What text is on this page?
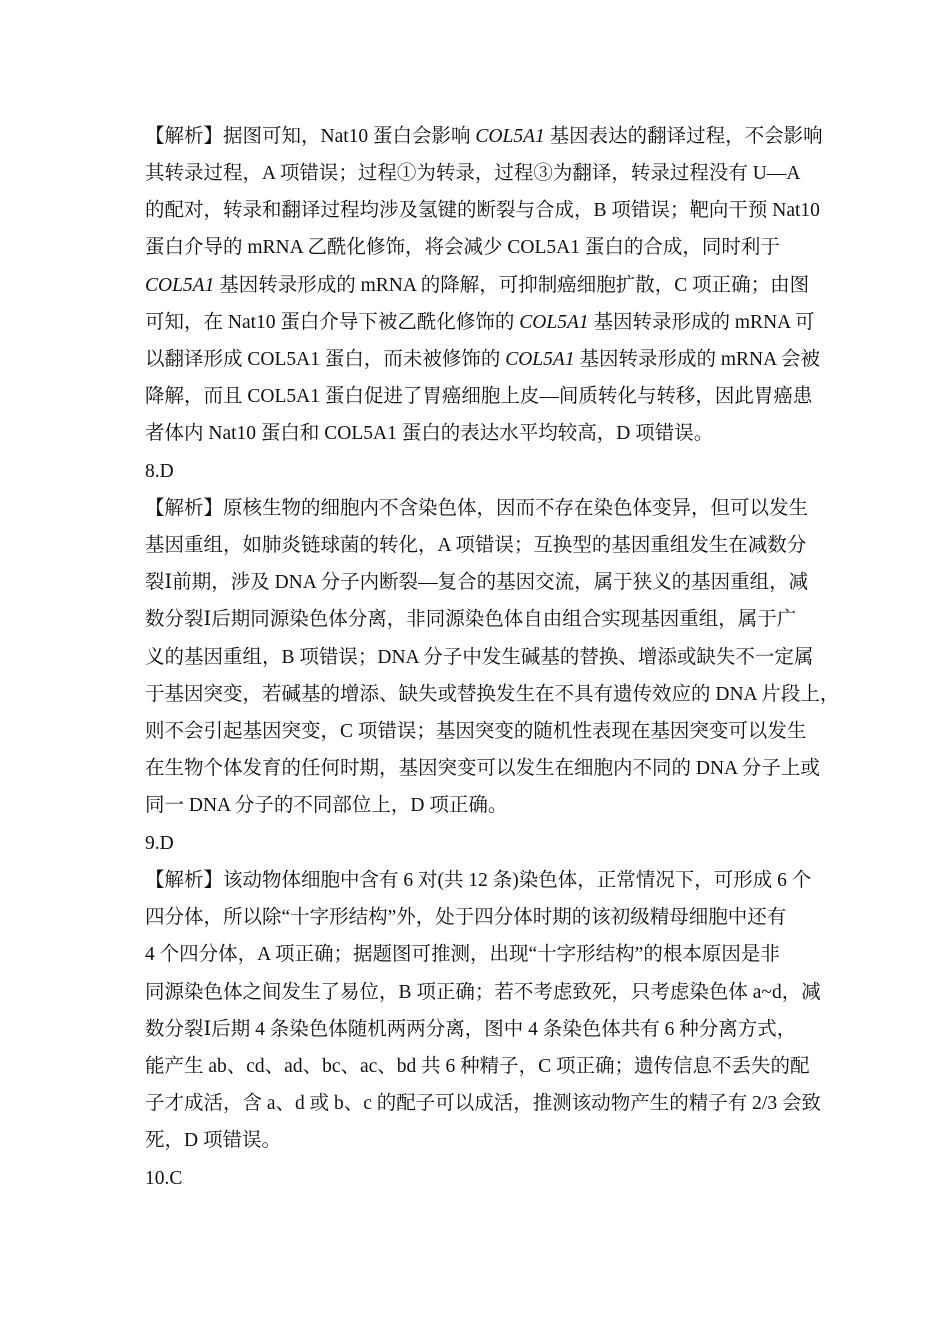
【解析】据图可知，Nat10 蛋白会影响 COL5A1 基因表达的翻译过程，不会影响
其转录过程，A 项错误；过程①为转录，过程③为翻译，转录过程没有 U—A
的配对，转录和翻译过程均涉及氢键的断裂与合成，B 项错误；靶向干预 Nat10
蛋白介导的 mRNA 乙酰化修饰，将会减少 COL5A1 蛋白的合成，同时利于
COL5A1 基因转录形成的 mRNA 的降解，可抑制癌细胞扩散，C 项正确；由图
可知，在 Nat10 蛋白介导下被乙酰化修饰的 COL5A1 基因转录形成的 mRNA 可
以翻译形成 COL5A1 蛋白，而未被修饰的 COL5A1 基因转录形成的 mRNA 会被
降解，而且 COL5A1 蛋白促进了胃癌细胞上皮—间质转化与转移，因此胃癌患
者体内 Nat10 蛋白和 COL5A1 蛋白的表达水平均较高，D 项错误。
8.D
【解析】原核生物的细胞内不含染色体，因而不存在染色体变异，但可以发生
基因重组，如肺炎链球菌的转化，A 项错误；互换型的基因重组发生在减数分
裂Ⅰ前期，涉及 DNA 分子内断裂—复合的基因交流，属于狭义的基因重组，减
数分裂Ⅰ后期同源染色体分离，非同源染色体自由组合实现基因重组，属于广
义的基因重组，B 项错误；DNA 分子中发生碱基的替换、增添或缺失不一定属
于基因突变，若碱基的增添、缺失或替换发生在不具有遗传效应的 DNA 片段上，
则不会引起基因突变，C 项错误；基因突变的随机性表现在基因突变可以发生
在生物个体发育的任何时期，基因突变可以发生在细胞内不同的 DNA 分子上或
同一 DNA 分子的不同部位上，D 项正确。
9.D
【解析】该动物体细胞中含有 6 对(共 12 条)染色体，正常情况下，可形成 6 个
四分体，所以除“十字形结构”外，处于四分体时期的该初级精母细胞中还有
4 个四分体，A 项正确；据题图可推测，出现“十字形结构”的根本原因是非
同源染色体之间发生了易位，B 项正确；若不考虑致死，只考虑染色体 a~d，减
数分裂Ⅰ后期 4 条染色体随机两两分离，图中 4 条染色体共有 6 种分离方式，
能产生 ab、cd、ad、bc、ac、bd 共 6 种精子，C 项正确；遗传信息不丢失的配
子才成活，含 a、d 或 b、c 的配子可以成活，推测该动物产生的精子有 2/3 会致
死，D 项错误。
10.C
